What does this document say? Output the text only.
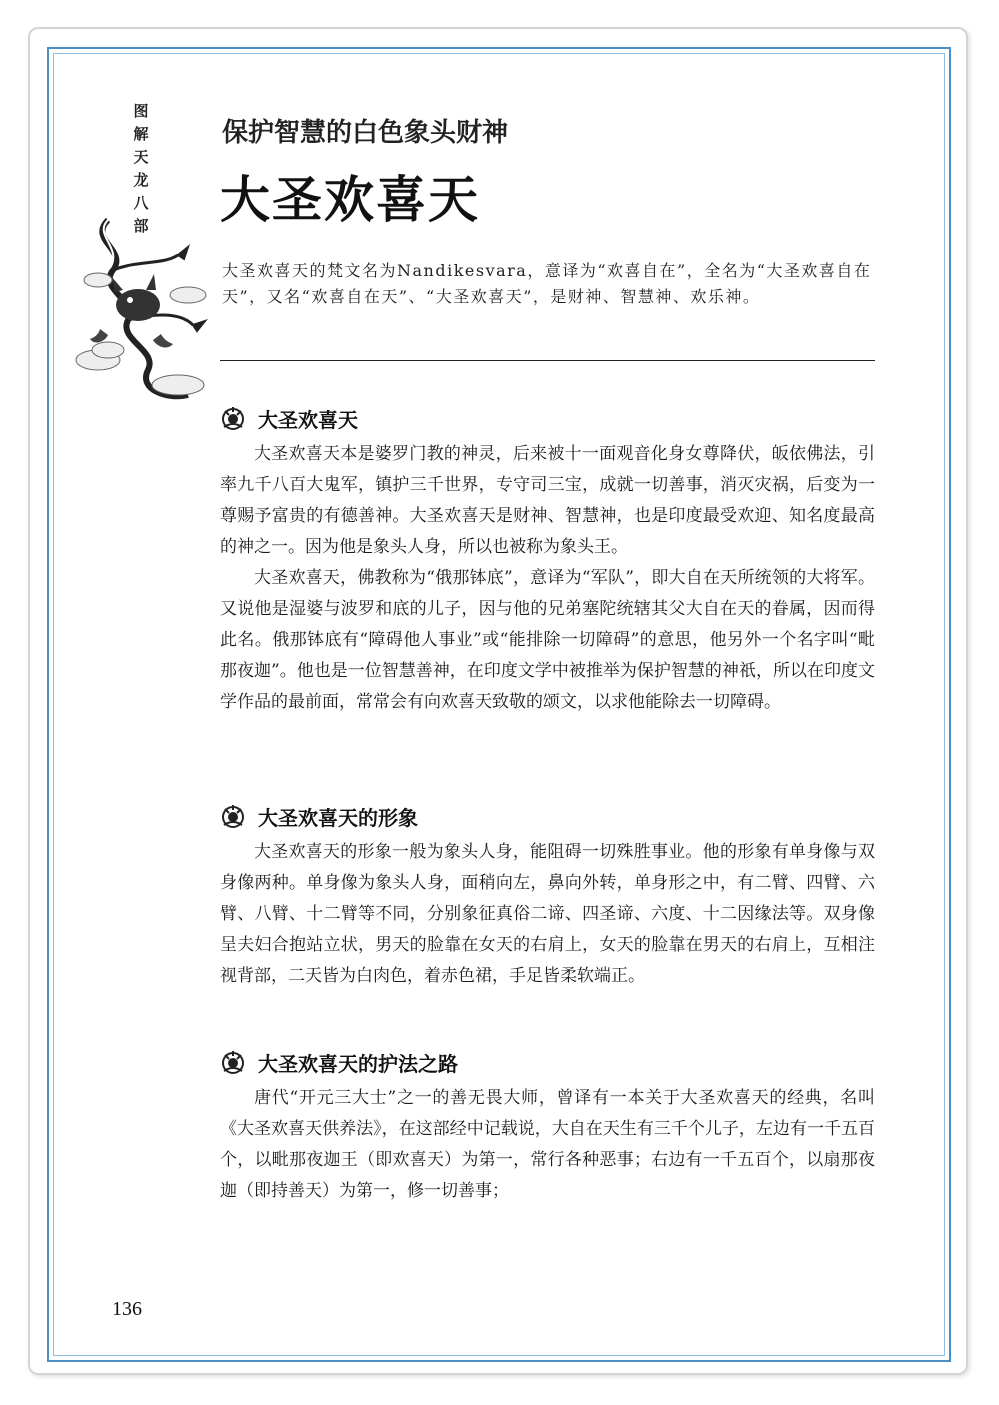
图
解
天
龙
八
部
保护智慧的白色象头财神
大圣欢喜天

大圣欢喜天的梵文名为Nandikesvara，意译为“欢喜自在”，全名为“大圣欢喜自在天”，又名“欢喜自在天”、“大圣欢喜天”，是财神、智慧神、欢乐神。

大圣欢喜天

大圣欢喜天本是婆罗门教的神灵，后来被十一面观音化身女尊降伏，皈依佛法，引率九千八百大鬼军，镇护三千世界，专守司三宝，成就一切善事，消灭灾祸，后变为一尊赐予富贵的有德善神。大圣欢喜天是财神、智慧神，也是印度最受欢迎、知名度最高的神之一。因为他是象头人身，所以也被称为象头王。

大圣欢喜天，佛教称为“俄那钵底”，意译为“军队”，即大自在天所统领的大将军。又说他是湿婆与波罗和底的儿子，因与他的兄弟塞陀统辖其父大自在天的眷属，因而得此名。俄那钵底有“障碍他人事业”或“能排除一切障碍”的意思，他另外一个名字叫“毗那夜迦”。他也是一位智慧善神，在印度文学中被推举为保护智慧的神祇，所以在印度文学作品的最前面，常常会有向欢喜天致敬的颂文，以求他能除去一切障碍。

大圣欢喜天的形象

大圣欢喜天的形象一般为象头人身，能阻碍一切殊胜事业。他的形象有单身像与双身像两种。单身像为象头人身，面稍向左，鼻向外转，单身形之中，有二臂、四臂、六臂、八臂、十二臂等不同，分别象征真俗二谛、四圣谛、六度、十二因缘法等。双身像呈夫妇合抱站立状，男天的脸靠在女天的右肩上，女天的脸靠在男天的右肩上，互相注视背部，二天皆为白肉色，着赤色裙，手足皆柔软端正。

大圣欢喜天的护法之路

唐代“开元三大士”之一的善无畏大师，曾译有一本关于大圣欢喜天的经典，名叫《大圣欢喜天供养法》，在这部经中记载说，大自在天生有三千个儿子，左边有一千五百个，以毗那夜迦王（即欢喜天）为第一，常行各种恶事；右边有一千五百个，以扇那夜迦（即持善天）为第一，修一切善事；

136
